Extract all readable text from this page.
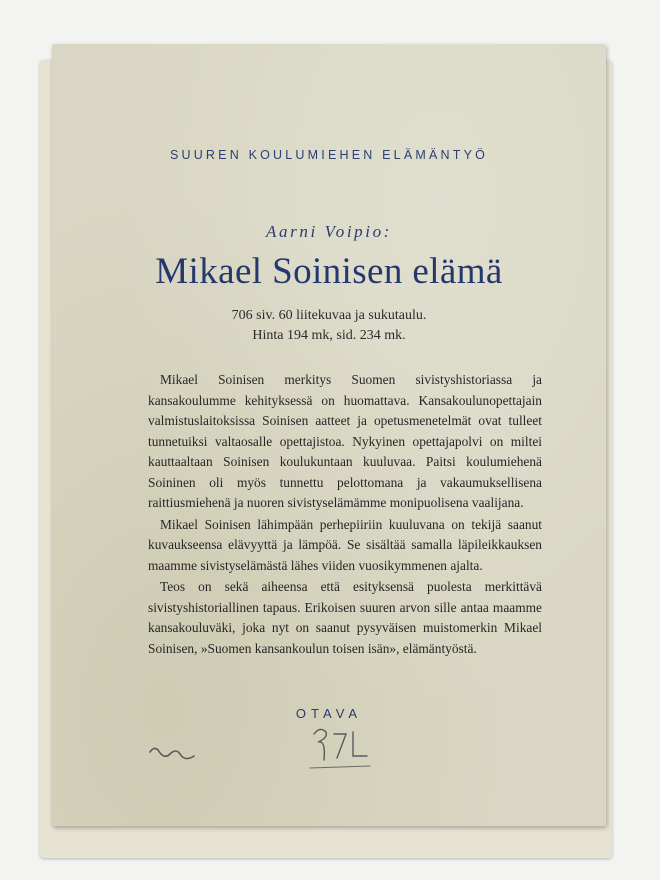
SUUREN KOULUMIEHEN ELÄMÄNTYÖ
Aarni Voipio:
Mikael Soinisen elämä
706 siv. 60 liitekuvaa ja sukutaulu.
Hinta 194 mk, sid. 234 mk.

Mikael Soinisen merkitys Suomen sivistyshistoriassa ja kansakoulumme kehityksessä on huomattava. Kansakoulunopettajain valmistuslaitoksissa Soinisen aatteet ja opetusmenetelmät ovat tulleet tunnetuiksi valtaosalle opettajistoa. Nykyinen opettajapolvi on miltei kauttaaltaan Soinisen koulukuntaan kuuluvaa. Paitsi koulumiehenä Soininen oli myös tunnettu pelottomana ja vakaumuksellisena raittiusmiehenä ja nuoren sivistyselämämme monipuolisena vaalijana.

Mikael Soinisen lähimpään perhepiiriin kuuluvana on tekijä saanut kuvaukseensa elävyyttä ja lämpöä. Se sisältää samalla läpileikkauksen maamme sivistyselämästä lähes viiden vuosikymmenen ajalta.

Teos on sekä aiheensa että esityksensä puolesta merkittävä sivistyshistoriallinen tapaus. Erikoisen suuren arvon sille antaa maamme kansakouluväki, joka nyt on saanut pysyväisen muistomerkin Mikael Soinisen, »Suomen kansankoulun toisen isän», elämäntyöstä.

OTAVA
